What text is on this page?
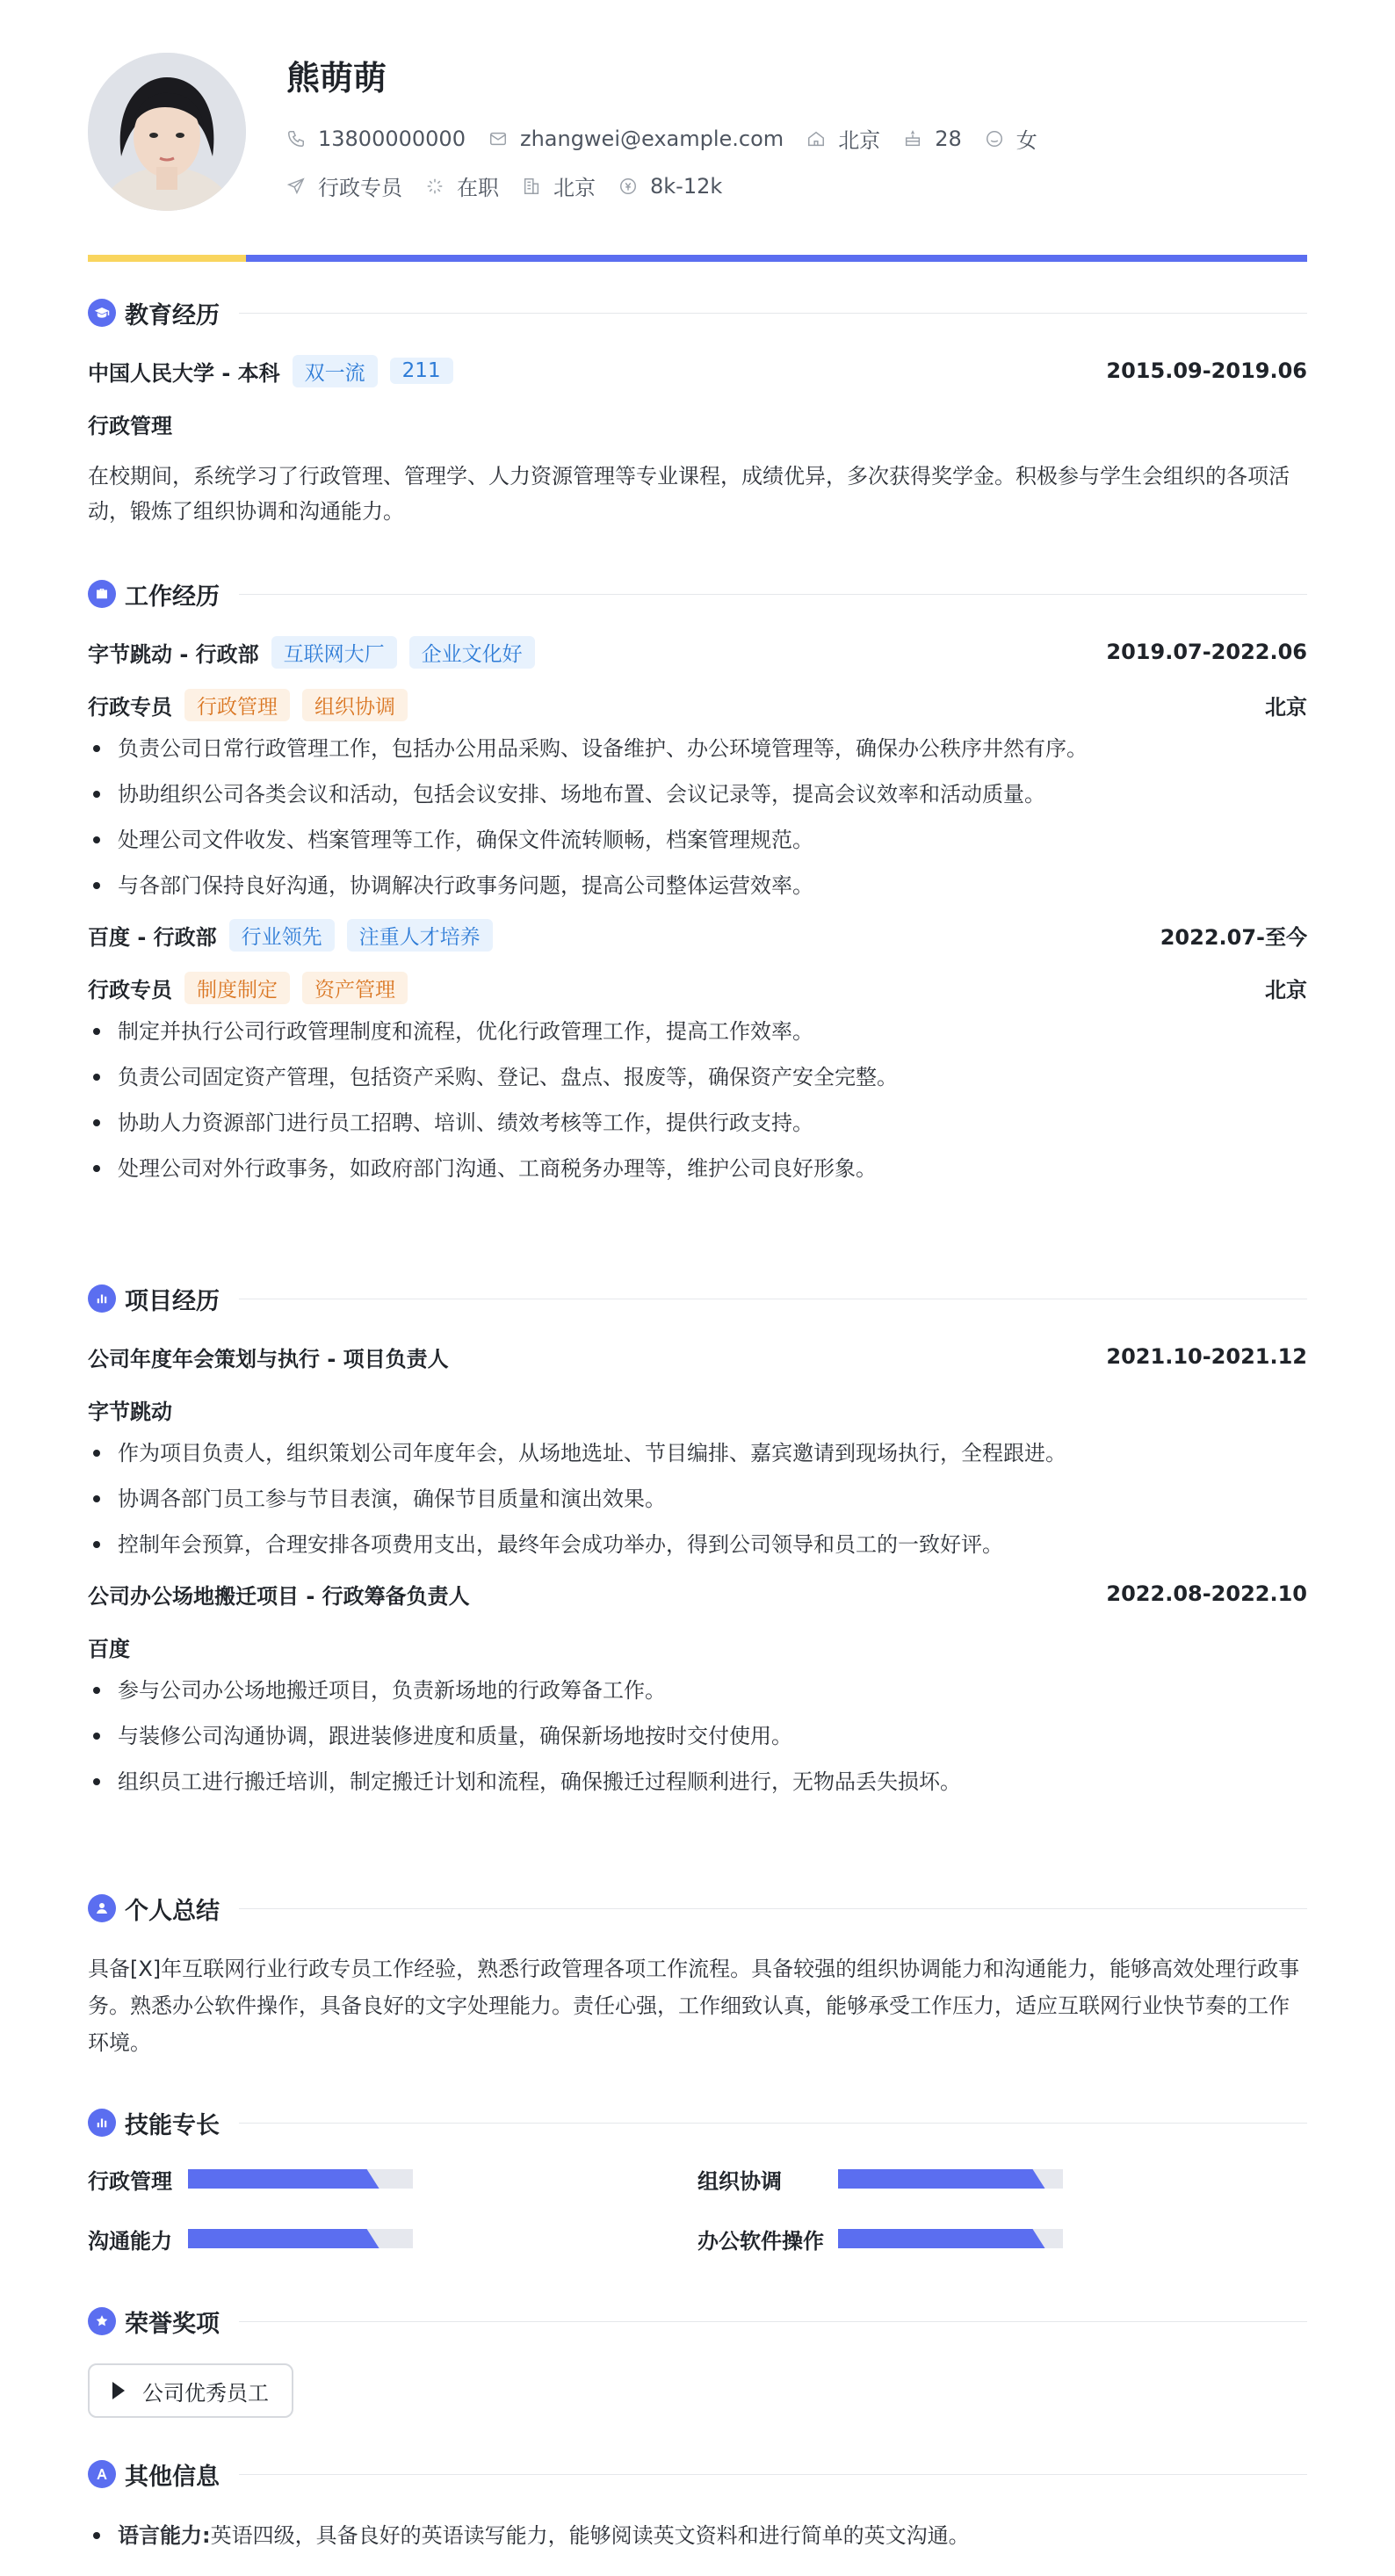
熊萌萌
13800000000	zhangwei@example.com	北京	28	女
行政专员	在职	北京	8k-12k
教育经历
中国人民大学 - 本科	双一流	211	2015.09-2019.06
行政管理

在校期间，系统学习了行政管理、管理学、人力资源管理等专业课程，成绩优异，多次获得奖学金。积极参与学生会组织的各项活动，锻炼了组织协调和沟通能力。

工作经历
字节跳动 - 行政部	互联网大厂	企业文化好	2019.07-2022.06
行政专员	行政管理	组织协调	北京
负责公司日常行政管理工作，包括办公用品采购、设备维护、办公环境管理等，确保办公秩序井然有序。
协助组织公司各类会议和活动，包括会议安排、场地布置、会议记录等，提高会议效率和活动质量。
处理公司文件收发、档案管理等工作，确保文件流转顺畅，档案管理规范。
与各部门保持良好沟通，协调解决行政事务问题，提高公司整体运营效率。
百度 - 行政部	行业领先	注重人才培养	2022.07-至今
行政专员	制度制定	资产管理	北京
制定并执行公司行政管理制度和流程，优化行政管理工作，提高工作效率。
负责公司固定资产管理，包括资产采购、登记、盘点、报废等，确保资产安全完整。
协助人力资源部门进行员工招聘、培训、绩效考核等工作，提供行政支持。
处理公司对外行政事务，如政府部门沟通、工商税务办理等，维护公司良好形象。
项目经历
公司年度年会策划与执行 - 项目负责人	2021.10-2021.12
字节跳动
作为项目负责人，组织策划公司年度年会，从场地选址、节目编排、嘉宾邀请到现场执行，全程跟进。
协调各部门员工参与节目表演，确保节目质量和演出效果。
控制年会预算，合理安排各项费用支出，最终年会成功举办，得到公司领导和员工的一致好评。
公司办公场地搬迁项目 - 行政筹备负责人	2022.08-2022.10
百度
参与公司办公场地搬迁项目，负责新场地的行政筹备工作。
与装修公司沟通协调，跟进装修进度和质量，确保新场地按时交付使用。
组织员工进行搬迁培训，制定搬迁计划和流程，确保搬迁过程顺利进行，无物品丢失损坏。
个人总结

具备[X]年互联网行业行政专员工作经验，熟悉行政管理各项工作流程。具备较强的组织协调能力和沟通能力，能够高效处理行政事务。熟悉办公软件操作，具备良好的文字处理能力。责任心强，工作细致认真，能够承受工作压力，适应互联网行业快节奏的工作环境。

技能专长
行政管理	组织协调
沟通能力	办公软件操作
荣誉奖项
公司优秀员工
其他信息
语言能力:英语四级，具备良好的英语读写能力，能够阅读英文资料和进行简单的英文沟通。
